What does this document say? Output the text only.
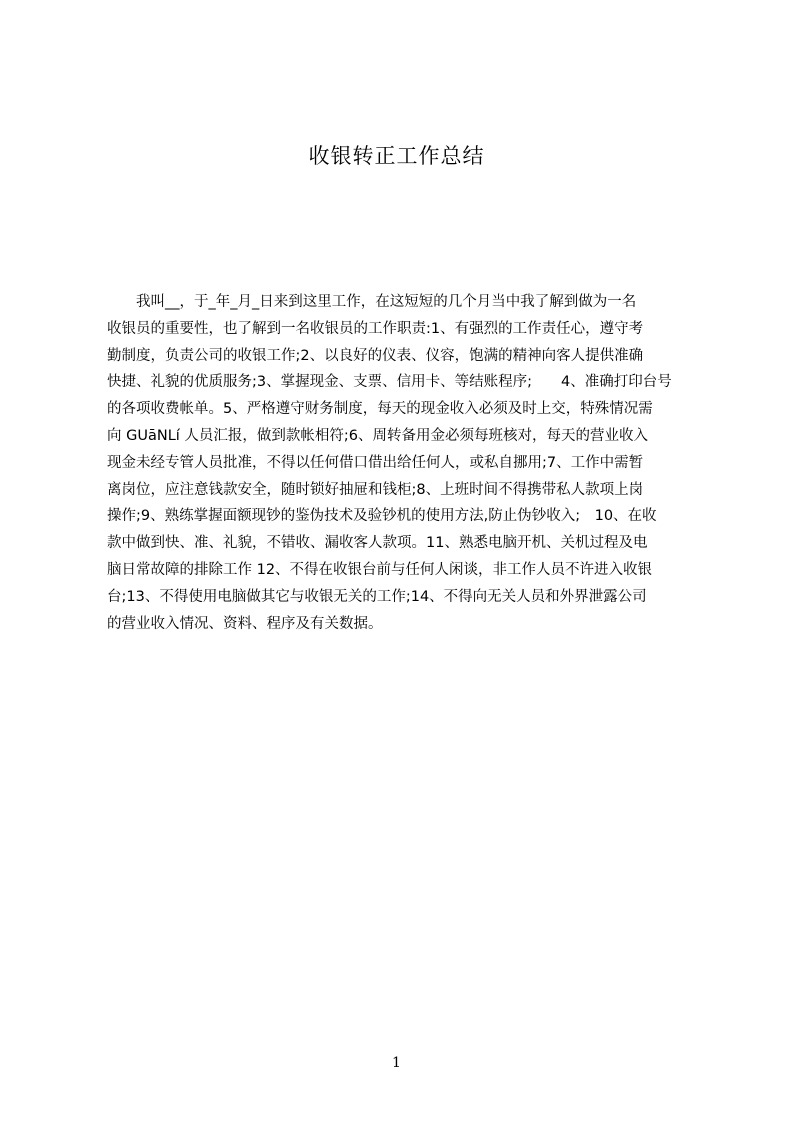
收银转正工作总结
　　我叫__，于_年_月_日来到这里工作，在这短短的几个月当中我了解到做为一名
收银员的重要性，也了解到一名收银员的工作职责:1、有强烈的工作责任心，遵守考
勤制度，负责公司的收银工作;2、以良好的仪表、仪容，饱满的精神向客人提供准确
快捷、礼貌的优质服务;3、掌握现金、支票、信用卡、等结账程序;　　4、准确打印台号
的各项收费帐单。5、严格遵守财务制度，每天的现金收入必须及时上交，特殊情况需
向 GUāNLí 人员汇报，做到款帐相符;6、周转备用金必须每班核对，每天的营业收入
现金未经专管人员批准，不得以任何借口借出给任何人，或私自挪用;7、工作中需暂
离岗位，应注意钱款安全，随时锁好抽屉和钱柜;8、上班时间不得携带私人款项上岗
操作;9、熟练掌握面额现钞的鉴伪技术及验钞机的使用方法,防止伪钞收入;　10、在收
款中做到快、准、礼貌，不错收、漏收客人款项。11、熟悉电脑开机、关机过程及电
脑日常故障的排除工作 12、不得在收银台前与任何人闲谈，非工作人员不许进入收银
台;13、不得使用电脑做其它与收银无关的工作;14、不得向无关人员和外界泄露公司
的营业收入情况、资料、程序及有关数据。
1
